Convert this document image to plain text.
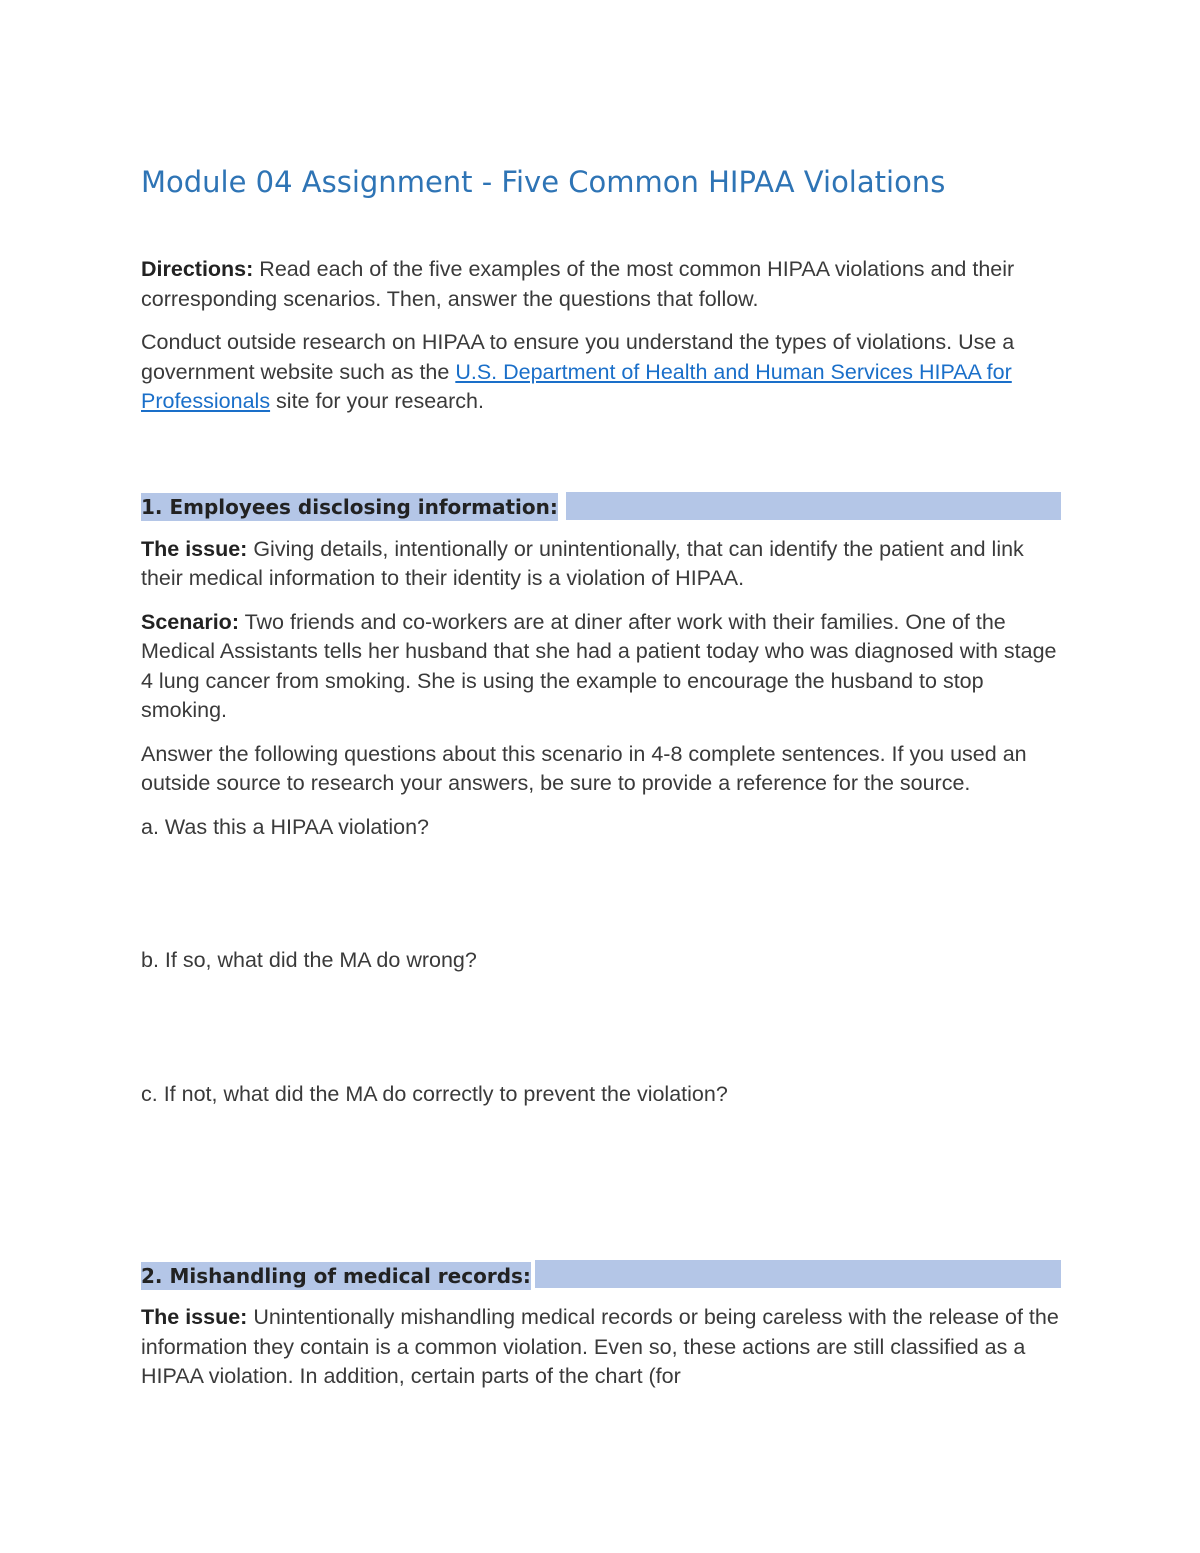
Module 04 Assignment - Five Common HIPAA Violations

Directions: Read each of the five examples of the most common HIPAA violations and their corresponding scenarios. Then, answer the questions that follow.

Conduct outside research on HIPAA to ensure you understand the types of violations. Use a government website such as the U.S. Department of Health and Human Services HIPAA for Professionals site for your research.

1. Employees disclosing information:

The issue: Giving details, intentionally or unintentionally, that can identify the patient and link their medical information to their identity is a violation of HIPAA.

Scenario: Two friends and co-workers are at diner after work with their families. One of the Medical Assistants tells her husband that she had a patient today who was diagnosed with stage 4 lung cancer from smoking. She is using the example to encourage the husband to stop smoking.

Answer the following questions about this scenario in 4-8 complete sentences. If you used an outside source to research your answers, be sure to provide a reference for the source.

a. Was this a HIPAA violation?

b. If so, what did the MA do wrong?

c. If not, what did the MA do correctly to prevent the violation?

2. Mishandling of medical records:

The issue: Unintentionally mishandling medical records or being careless with the release of the information they contain is a common violation. Even so, these actions are still classified as a HIPAA violation. In addition, certain parts of the chart (for
